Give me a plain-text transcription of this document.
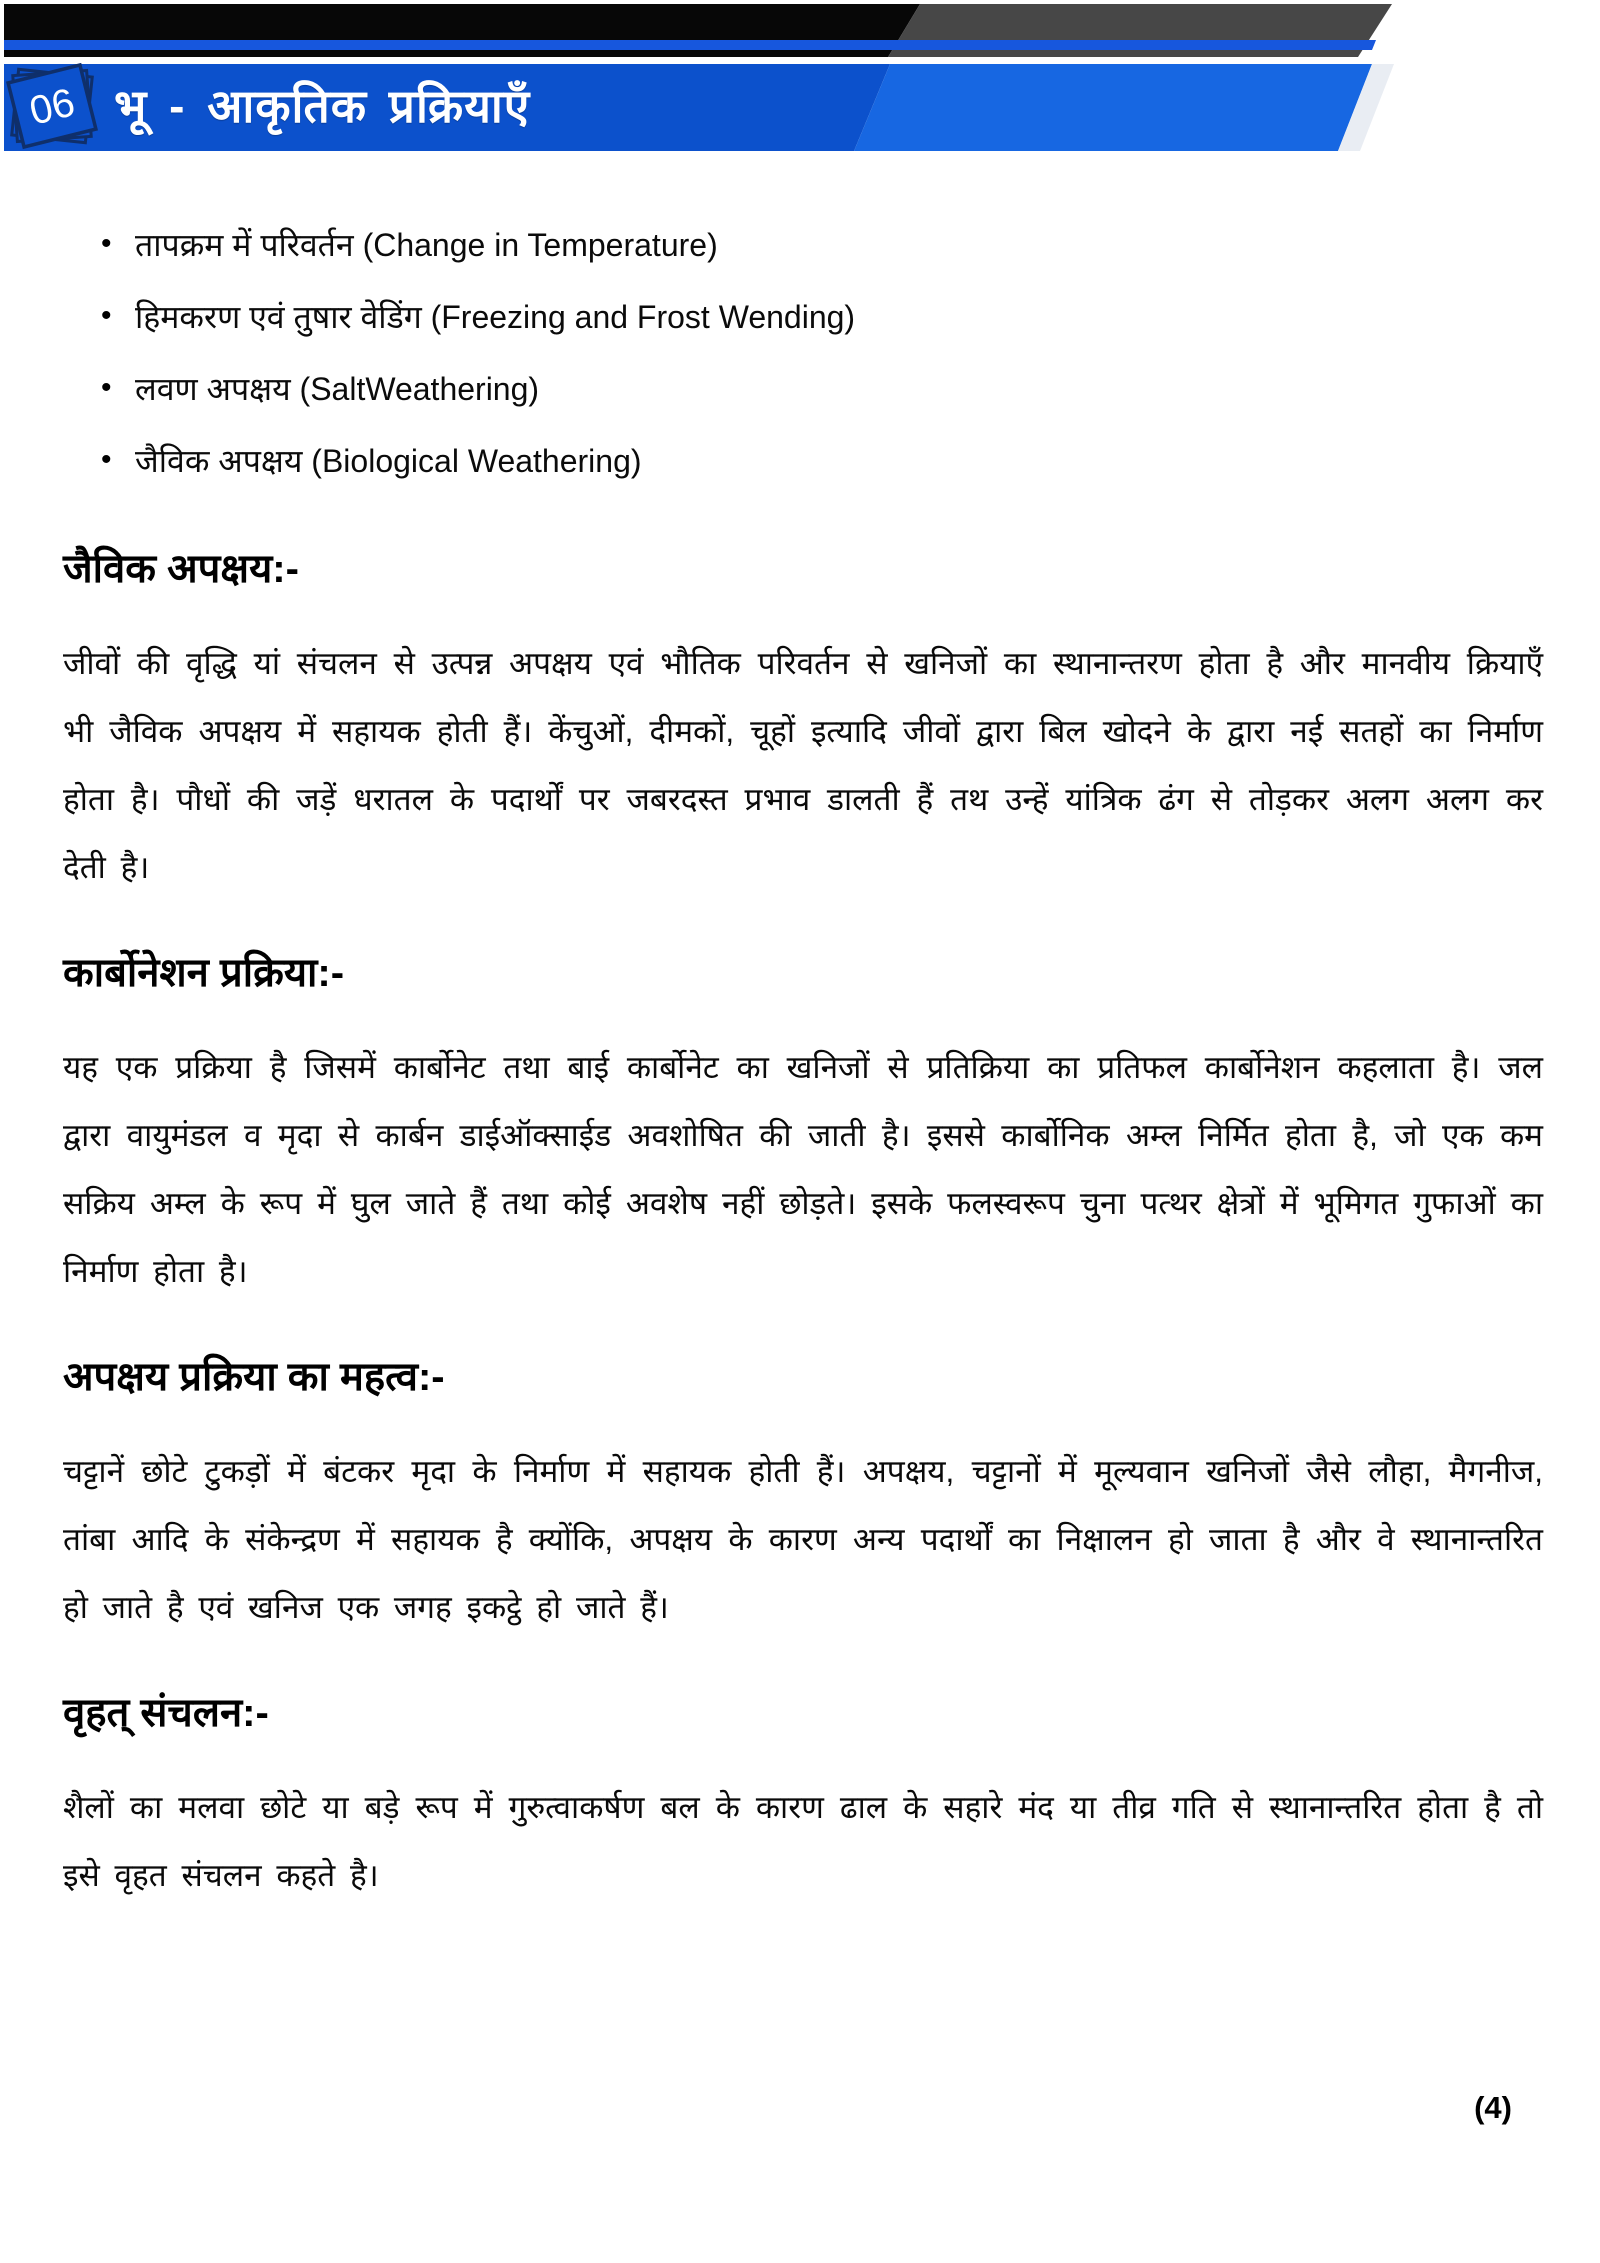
06 भू - आकृतिक प्रक्रियाएँ
• तापक्रम में परिवर्तन (Change in Temperature)
• हिमकरण एवं तुषार वेडिंग (Freezing and Frost Wending)
• लवण अपक्षय (SaltWeathering)
• जैविक अपक्षय (Biological Weathering)
जैविक अपक्षय:-

जीवों की वृद्धि यां संचलन से उत्पन्न अपक्षय एवं भौतिक परिवर्तन से खनिजों का स्थानान्तरण होता है और मानवीय क्रियाएँ भी जैविक अपक्षय में सहायक होती हैं। केंचुओं, दीमकों, चूहों इत्यादि जीवों द्वारा बिल खोदने के द्वारा नई सतहों का निर्माण होता है। पौधों की जड़ें धरातल के पदार्थों पर जबरदस्त प्रभाव डालती हैं तथ उन्हें यांत्रिक ढंग से तोड़कर अलग अलग कर देती है।

कार्बोनेशन प्रक्रिया:-

यह एक प्रक्रिया है जिसमें कार्बोनेट तथा बाई कार्बोनेट का खनिजों से प्रतिक्रिया का प्रतिफल कार्बोनेशन कहलाता है। जल द्वारा वायुमंडल व मृदा से कार्बन डाईऑक्साईड अवशोषित की जाती है। इससे कार्बोनिक अम्ल निर्मित होता है, जो एक कम सक्रिय अम्ल के रूप में घुल जाते हैं तथा कोई अवशेष नहीं छोड़ते। इसके फलस्वरूप चुना पत्थर क्षेत्रों में भूमिगत गुफाओं का निर्माण होता है।

अपक्षय प्रक्रिया का महत्व:-

चट्टानें छोटे टुकड़ों में बंटकर मृदा के निर्माण में सहायक होती हैं। अपक्षय, चट्टानों में मूल्यवान खनिजों जैसे लौहा, मैगनीज, तांबा आदि के संकेन्द्रण में सहायक है क्योंकि, अपक्षय के कारण अन्य पदार्थों का निक्षालन हो जाता है और वे स्थानान्तरित हो जाते है एवं खनिज एक जगह इकट्ठे हो जाते हैं।

वृहत् संचलन:-

शैलों का मलवा छोटे या बड़े रूप में गुरुत्वाकर्षण बल के कारण ढाल के सहारे मंद या तीव्र गति से स्थानान्तरित होता है तो इसे वृहत संचलन कहते है।

(4)
